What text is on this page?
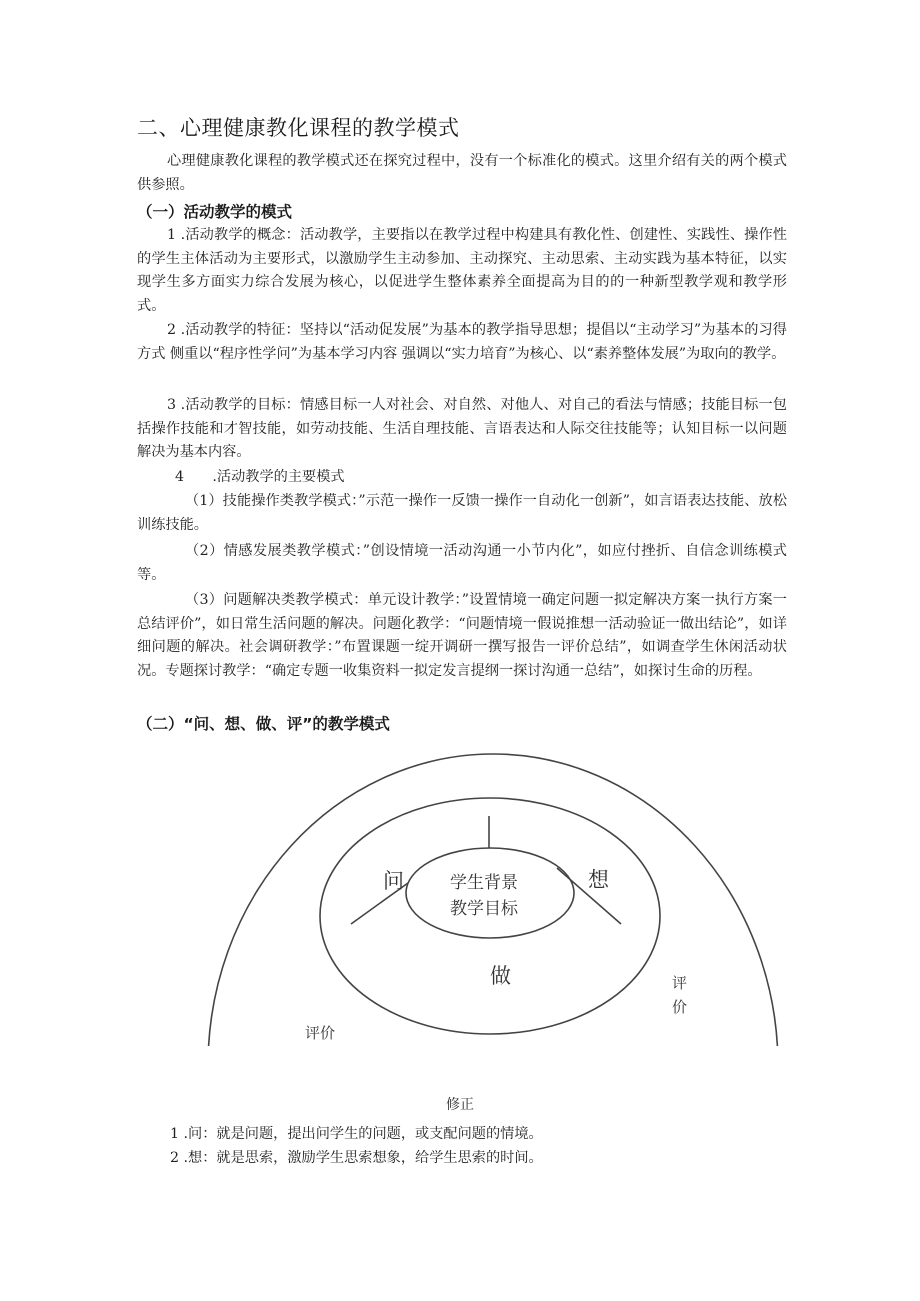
二、心理健康教化课程的教学模式
心理健康教化课程的教学模式还在探究过程中，没有一个标准化的模式。这里介绍有关的两个模式供参照。
（一）活动教学的模式
1 .活动教学的概念：活动教学，主要指以在教学过程中构建具有教化性、创建性、实践性、操作性的学生主体活动为主要形式，以激励学生主动参加、主动探究、主动思索、主动实践为基本特征，以实现学生多方面实力综合发展为核心，以促进学生整体素养全面提高为目的的一种新型教学观和教学形式。
2 .活动教学的特征：坚持以“活动促发展”为基本的教学指导思想；提倡以“主动学习”为基本的习得方式 侧重以“程序性学问”为基本学习内容 强调以“实力培育”为核心、以“素养整体发展”为取向的教学。
3 .活动教学的目标：情感目标一人对社会、对自然、对他人、对自己的看法与情感；技能目标一包括操作技能和才智技能，如劳动技能、生活自理技能、言语表达和人际交往技能等；认知目标一以问题解决为基本内容。
4　　.活动教学的主要模式
（1）技能操作类教学模式：”示范一操作一反馈一操作一自动化一创新”，如言语表达技能、放松训练技能。
（2）情感发展类教学模式：”创设情境一活动沟通一小节内化”，如应付挫折、自信念训练模式等。
（3）问题解决类教学模式：单元设计教学：”设置情境一确定问题一拟定解决方案一执行方案一总结评价”，如日常生活问题的解决。问题化教学：“问题情境一假说推想一活动验证一做出结论”，如详细问题的解决。社会调研教学：”布置课题一绽开调研一撰写报告一评价总结”，如调查学生休闲活动状况。专题探讨教学：“确定专题一收集资料一拟定发言提纲一探讨沟通一总结”，如探讨生命的历程。
（二）“问、想、做、评”的教学模式
学生背景
教学目标
问	想
做	评
价
评价
修正
1 .问：就是问题，提出问学生的问题，或支配问题的情境。
2 .想：就是思索，激励学生思索想象，给学生思索的时间。
